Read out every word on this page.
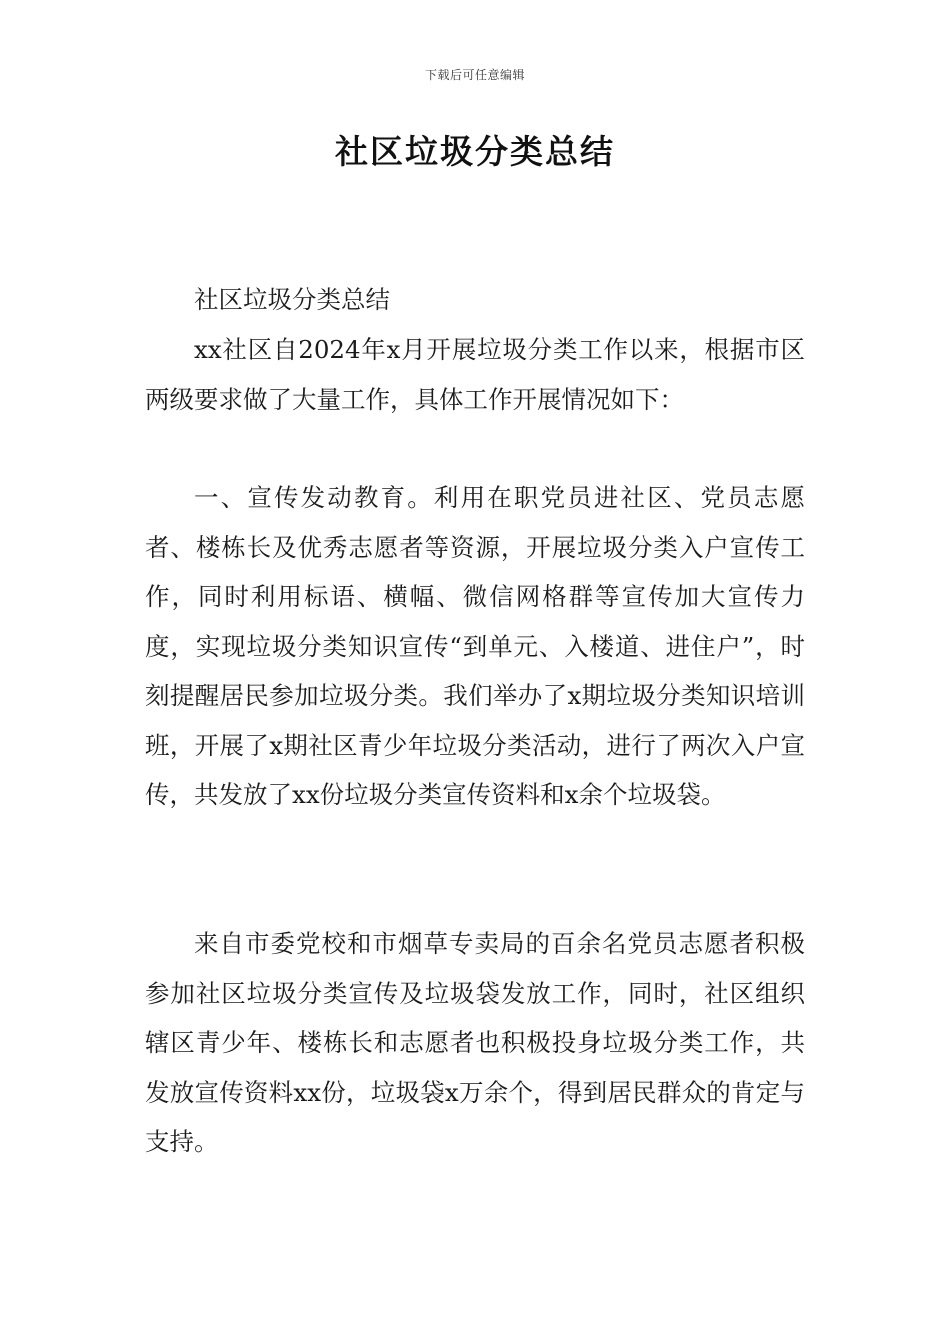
下载后可任意编辑
社区垃圾分类总结

社区垃圾分类总结

xx社区自2024年x月开展垃圾分类工作以来，根据市区两级要求做了大量工作，具体工作开展情况如下：

一、宣传发动教育。利用在职党员进社区、党员志愿者、楼栋长及优秀志愿者等资源，开展垃圾分类入户宣传工作，同时利用标语、横幅、微信网格群等宣传加大宣传力度，实现垃圾分类知识宣传“到单元、入楼道、进住户”，时刻提醒居民参加垃圾分类。我们举办了x期垃圾分类知识培训班，开展了x期社区青少年垃圾分类活动，进行了两次入户宣传，共发放了xx份垃圾分类宣传资料和x余个垃圾袋。

来自市委党校和市烟草专卖局的百余名党员志愿者积极参加社区垃圾分类宣传及垃圾袋发放工作，同时，社区组织辖区青少年、楼栋长和志愿者也积极投身垃圾分类工作，共发放宣传资料xx份，垃圾袋x万余个，得到居民群众的肯定与支持。
